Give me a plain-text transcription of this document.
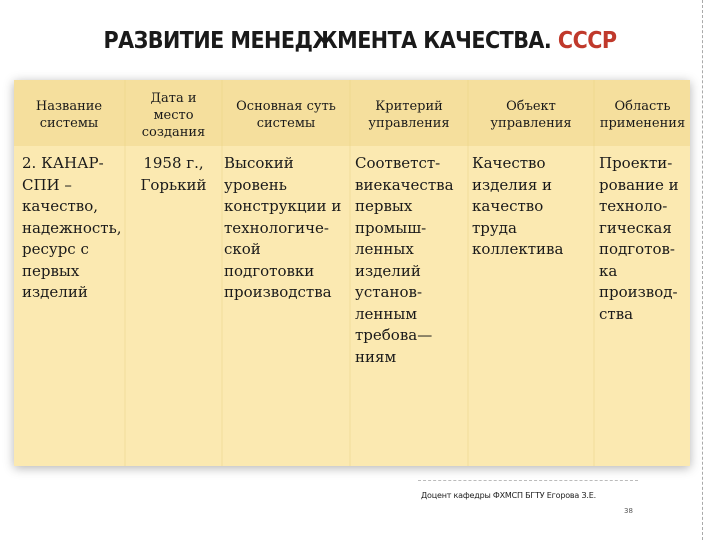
РАЗВИТИЕ МЕНЕДЖМЕНТА КАЧЕСТВА. СССР
Название
системы
Дата и
место
создания
Основная суть
системы
Критерий
управления
Объект
управления
Область
применения
2. КАНАР-
СПИ –
качество,
надежность,
ресурс с
первых
изделий
1958 г.,
Горький
Высокий
уровень
конструкции и
технологиче-
ской
подготовки
производства
Соответст-
виекачества
первых
промыш-
ленных
изделий
установ-
ленным
требова—
ниям
Качество
изделия и
качество
труда
коллектива
Проекти-
рование и
техноло-
гическая
подготов-
ка
производ-
ства
Доцент кафедры ФХМСП БГТУ Егорова З.Е.
38
